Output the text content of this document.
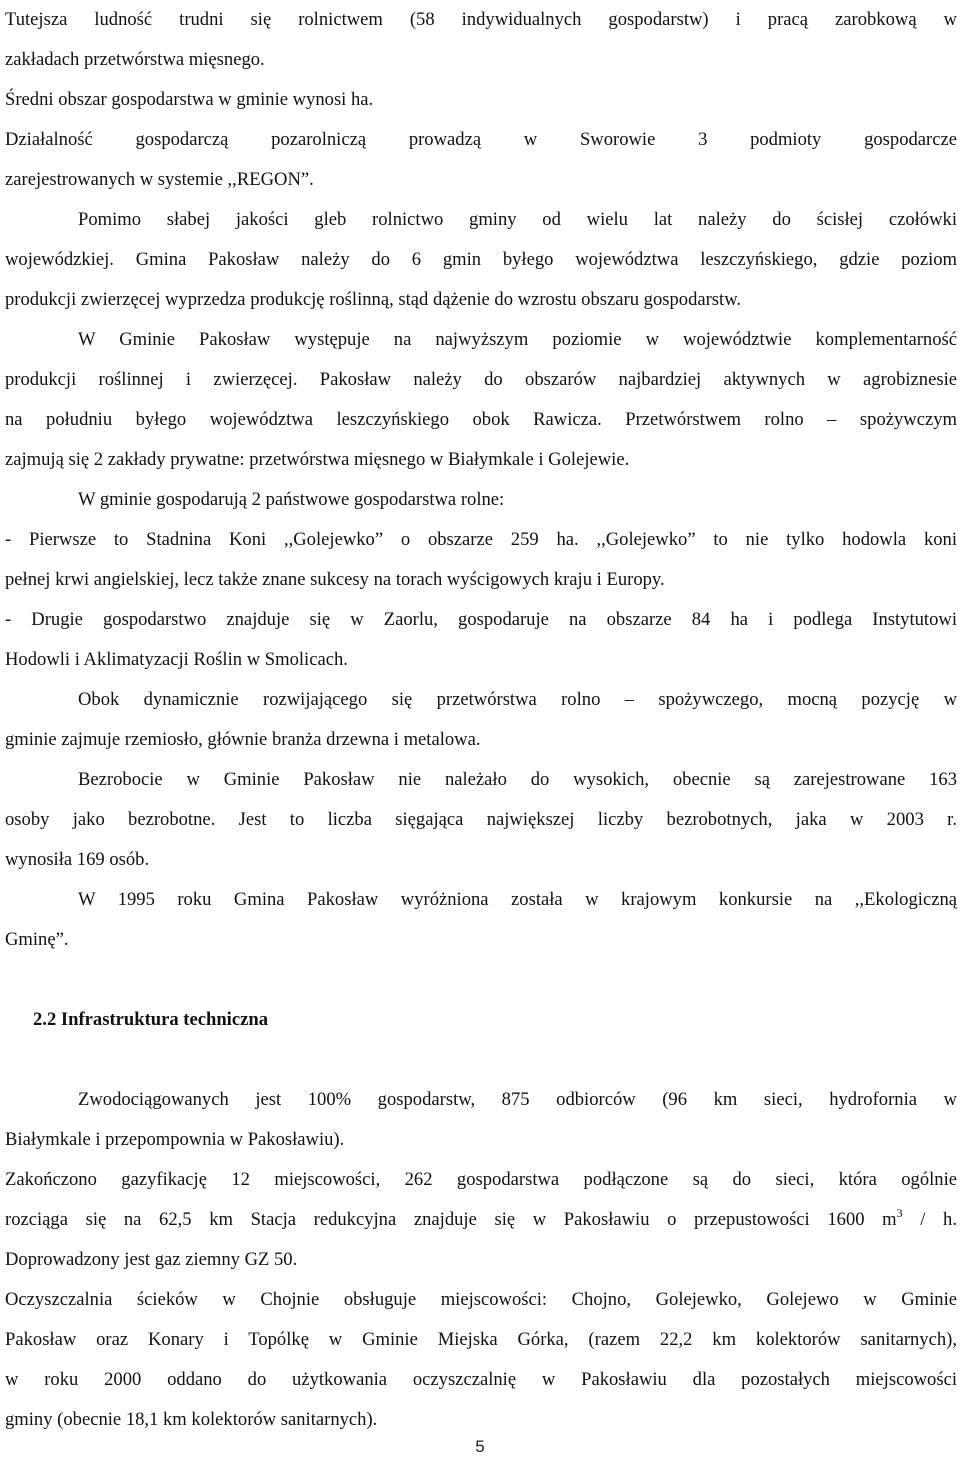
Tutejsza ludność trudni się rolnictwem (58 indywidualnych gospodarstw) i pracą zarobkową w
zakładach przetwórstwa mięsnego.
Średni obszar gospodarstwa w gminie wynosi ha.
Działalność gospodarczą pozarolniczą prowadzą w Sworowie 3 podmioty gospodarcze
zarejestrowanych w systemie ,,REGON”.
Pomimo słabej jakości gleb rolnictwo gminy od wielu lat należy do ścisłej czołówki
wojewódzkiej. Gmina Pakosław należy do 6 gmin byłego województwa leszczyńskiego, gdzie poziom
produkcji zwierzęcej wyprzedza produkcję roślinną, stąd dążenie do wzrostu obszaru gospodarstw.
W Gminie Pakosław występuje na najwyższym poziomie w województwie komplementarność
produkcji roślinnej i zwierzęcej. Pakosław należy do obszarów najbardziej aktywnych w agrobiznesie
na południu byłego województwa leszczyńskiego obok Rawicza. Przetwórstwem rolno – spożywczym
zajmują się 2 zakłady prywatne: przetwórstwa mięsnego w Białymkale i Golejewie.
W gminie gospodarują 2 państwowe gospodarstwa rolne:
- Pierwsze to Stadnina Koni ,,Golejewko” o obszarze 259 ha. ,,Golejewko” to nie tylko hodowla koni
pełnej krwi angielskiej, lecz także znane sukcesy na torach wyścigowych kraju i Europy.
- Drugie gospodarstwo znajduje się w Zaorlu, gospodaruje na obszarze 84 ha i podlega Instytutowi
Hodowli i Aklimatyzacji Roślin w Smolicach.
Obok dynamicznie rozwijającego się przetwórstwa rolno – spożywczego, mocną pozycję w
gminie zajmuje rzemiosło, głównie branża drzewna i metalowa.
Bezrobocie w Gminie Pakosław nie należało do wysokich, obecnie są zarejestrowane 163
osoby jako bezrobotne. Jest to liczba sięgająca największej liczby bezrobotnych, jaka w 2003 r.
wynosiła 169 osób.
W 1995 roku Gmina Pakosław wyróżniona została w krajowym konkursie na ,,Ekologiczną
Gminę”.
2.2 Infrastruktura techniczna
Zwodociągowanych jest 100% gospodarstw, 875 odbiorców (96 km sieci, hydrofornia w
Białymkale i przepompownia w Pakosławiu).
Zakończono gazyfikację 12 miejscowości, 262 gospodarstwa podłączone są do sieci, która ogólnie
rozciąga się na 62,5 km Stacja redukcyjna znajduje się w Pakosławiu o przepustowości 1600 $m^3$ / h.
Doprowadzony jest gaz ziemny GZ 50.
Oczyszczalnia ścieków w Chojnie obsługuje miejscowości: Chojno, Golejewko, Golejewo w Gminie
Pakosław oraz Konary i Topólkę w Gminie Miejska Górka, (razem 22,2 km kolektorów sanitarnych),
w roku 2000 oddano do użytkowania oczyszczalnię w Pakosławiu dla pozostałych miejscowości
gminy (obecnie 18,1 km kolektorów sanitarnych).
5
